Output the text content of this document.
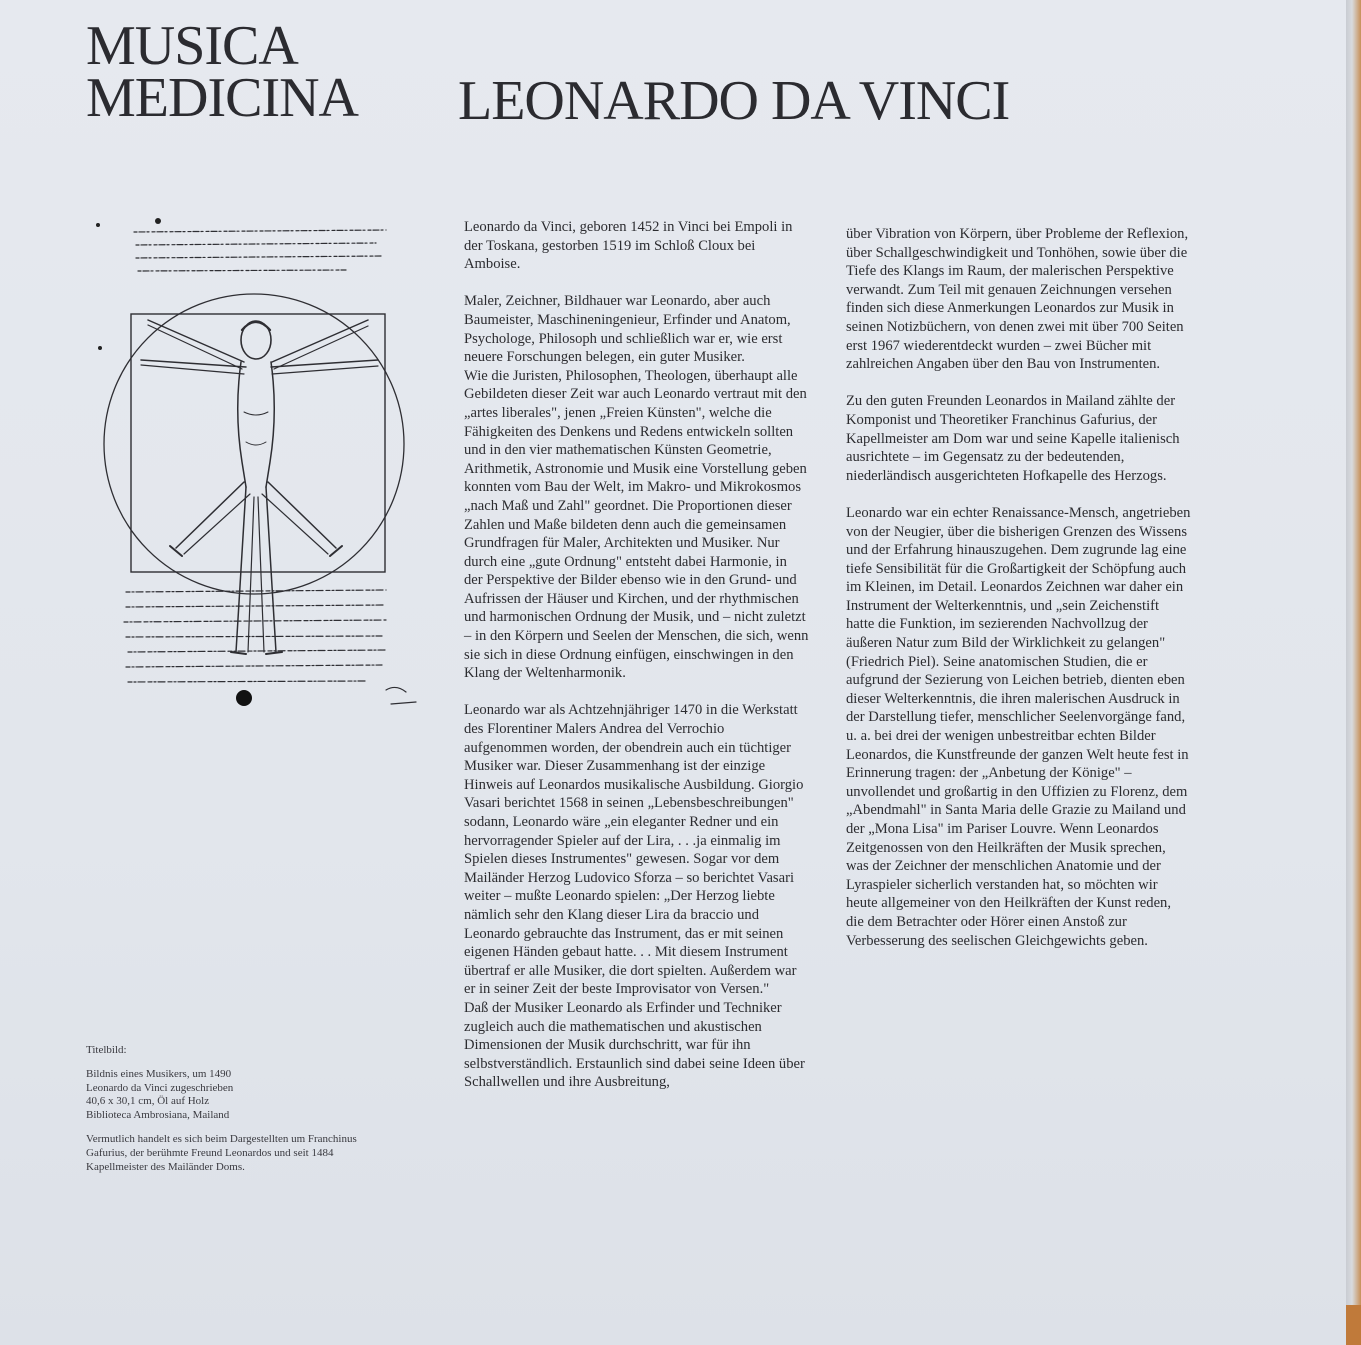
MUSICA
MEDICINA LEONARDO DA VINCI

Leonardo da Vinci, geboren 1452 in Vinci bei Empoli in der Toskana, gestorben 1519 im Schloß Cloux bei Amboise.

Maler, Zeichner, Bildhauer war Leonardo, aber auch Baumeister, Maschineningenieur, Erfinder und Anatom, Psychologe, Philosoph und schließlich war er, wie erst neuere Forschungen belegen, ein guter Musiker.

Wie die Juristen, Philosophen, Theologen, überhaupt alle Gebildeten dieser Zeit war auch Leonardo vertraut mit den „artes liberales", jenen „Freien Künsten", welche die Fähigkeiten des Denkens und Redens entwickeln sollten und in den vier mathematischen Künsten Geometrie, Arithmetik, Astronomie und Musik eine Vorstellung geben konnten vom Bau der Welt, im Makro- und Mikrokosmos „nach Maß und Zahl" geordnet. Die Proportionen dieser Zahlen und Maße bildeten denn auch die gemeinsamen Grundfragen für Maler, Architekten und Musiker. Nur durch eine „gute Ordnung" entsteht dabei Harmonie, in der Perspektive der Bilder ebenso wie in den Grund- und Aufrissen der Häuser und Kirchen, und der rhythmischen und harmonischen Ordnung der Musik, und – nicht zuletzt – in den Körpern und Seelen der Menschen, die sich, wenn sie sich in diese Ordnung einfügen, einschwingen in den Klang der Weltenharmonik.

Leonardo war als Achtzehnjähriger 1470 in die Werkstatt des Florentiner Malers Andrea del Verrochio aufgenommen worden, der obendrein auch ein tüchtiger Musiker war. Dieser Zusammenhang ist der einzige Hinweis auf Leonardos musikalische Ausbildung. Giorgio Vasari berichtet 1568 in seinen „Lebensbeschreibungen" sodann, Leonardo wäre „ein eleganter Redner und ein hervorragender Spieler auf der Lira, . . .ja einmalig im Spielen dieses Instrumentes" gewesen. Sogar vor dem Mailänder Herzog Ludovico Sforza – so berichtet Vasari weiter – mußte Leonardo spielen: „Der Herzog liebte nämlich sehr den Klang dieser Lira da braccio und Leonardo gebrauchte das Instrument, das er mit seinen eigenen Händen gebaut hatte. . . Mit diesem Instrument übertraf er alle Musiker, die dort spielten. Außerdem war er in seiner Zeit der beste Improvisator von Versen."

Daß der Musiker Leonardo als Erfinder und Techniker zugleich auch die mathematischen und akustischen Dimensionen der Musik durchschritt, war für ihn selbstverständlich. Erstaunlich sind dabei seine Ideen über Schallwellen und ihre Ausbreitung,

über Vibration von Körpern, über Probleme der Reflexion, über Schallgeschwindigkeit und Tonhöhen, sowie über die Tiefe des Klangs im Raum, der malerischen Perspektive verwandt. Zum Teil mit genauen Zeichnungen versehen finden sich diese Anmerkungen Leonardos zur Musik in seinen Notizbüchern, von denen zwei mit über 700 Seiten erst 1967 wiederentdeckt wurden – zwei Bücher mit zahlreichen Angaben über den Bau von Instrumenten.

Zu den guten Freunden Leonardos in Mailand zählte der Komponist und Theoretiker Franchinus Gafurius, der Kapellmeister am Dom war und seine Kapelle italienisch ausrichtete – im Gegensatz zu der bedeutenden, niederländisch ausgerichteten Hofkapelle des Herzogs.

Leonardo war ein echter Renaissance-Mensch, angetrieben von der Neugier, über die bisherigen Grenzen des Wissens und der Erfahrung hinauszugehen. Dem zugrunde lag eine tiefe Sensibilität für die Großartigkeit der Schöpfung auch im Kleinen, im Detail. Leonardos Zeichnen war daher ein Instrument der Welterkenntnis, und „sein Zeichenstift hatte die Funktion, im sezierenden Nachvollzug der äußeren Natur zum Bild der Wirklichkeit zu gelangen" (Friedrich Piel). Seine anatomischen Studien, die er aufgrund der Sezierung von Leichen betrieb, dienten eben dieser Welterkenntnis, die ihren malerischen Ausdruck in der Darstellung tiefer, menschlicher Seelenvorgänge fand, u. a. bei drei der wenigen unbestreitbar echten Bilder Leonardos, die Kunstfreunde der ganzen Welt heute fest in Erinnerung tragen: der „Anbetung der Könige" – unvollendet und großartig in den Uffizien zu Florenz, dem „Abendmahl" in Santa Maria delle Grazie zu Mailand und der „Mona Lisa" im Pariser Louvre. Wenn Leonardos Zeitgenossen von den Heilkräften der Musik sprechen, was der Zeichner der menschlichen Anatomie und der Lyraspieler sicherlich verstanden hat, so möchten wir heute allgemeiner von den Heilkräften der Kunst reden, die dem Betrachter oder Hörer einen Anstoß zur Verbesserung des seelischen Gleichgewichts geben.

Titelbild:

Bildnis eines Musikers, um 1490
Leonardo da Vinci zugeschrieben
40,6 x 30,1 cm, Öl auf Holz
Biblioteca Ambrosiana, Mailand

Vermutlich handelt es sich beim Dargestellten um Franchinus Gafurius, der berühmte Freund Leonardos und seit 1484 Kapellmeister des Mailänder Doms.
